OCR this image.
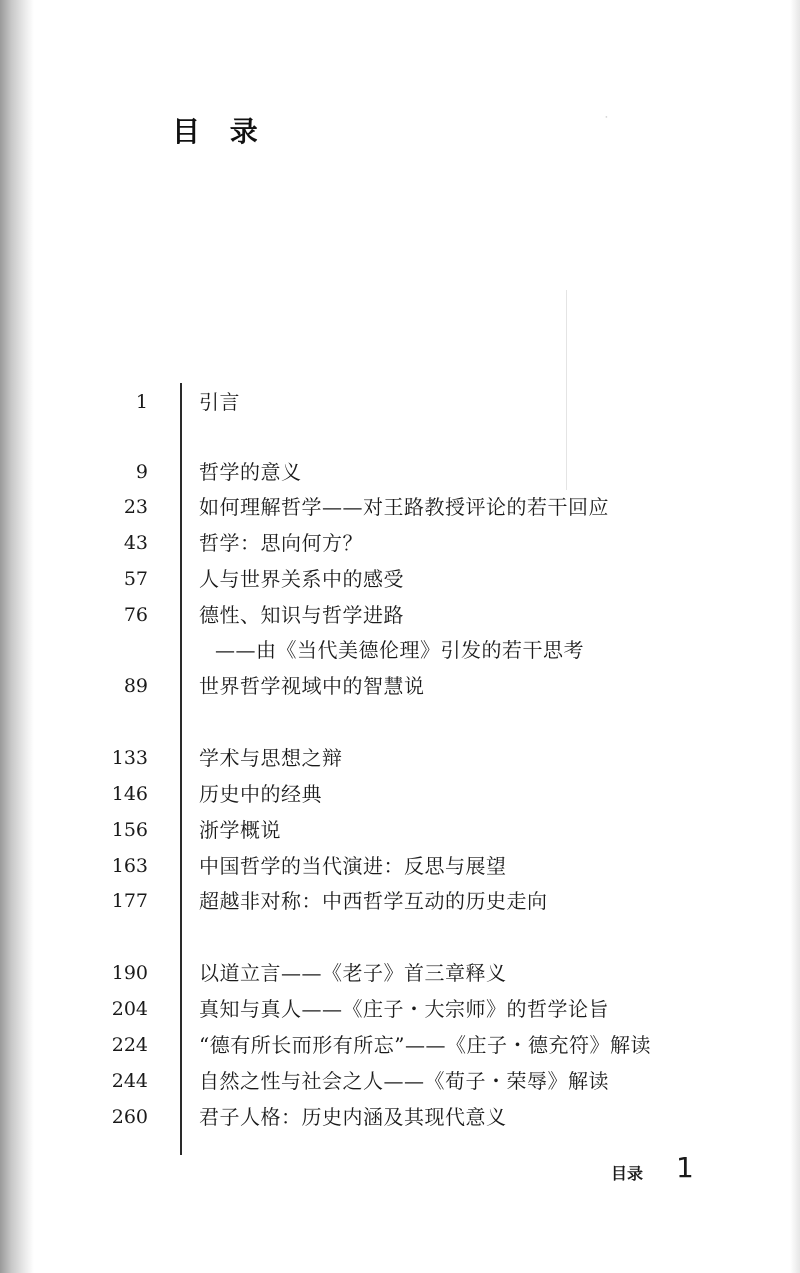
․
目 录
1	引言
9	哲学的意义
23	如何理解哲学——对王路教授评论的若干回应
43	哲学：思向何方？
57	人与世界关系中的感受
76	德性、知识与哲学进路
——由《当代美德伦理》引发的若干思考
89	世界哲学视域中的智慧说
133	学术与思想之辩
146	历史中的经典
156	浙学概说
163	中国哲学的当代演进：反思与展望
177	超越非对称：中西哲学互动的历史走向
190	以道立言——《老子》首三章释义
204	真知与真人——《庄子・大宗师》的哲学论旨
224	“德有所长而形有所忘”——《庄子・德充符》解读
244	自然之性与社会之人——《荀子・荣辱》解读
260	君子人格：历史内涵及其现代意义
目录 1
